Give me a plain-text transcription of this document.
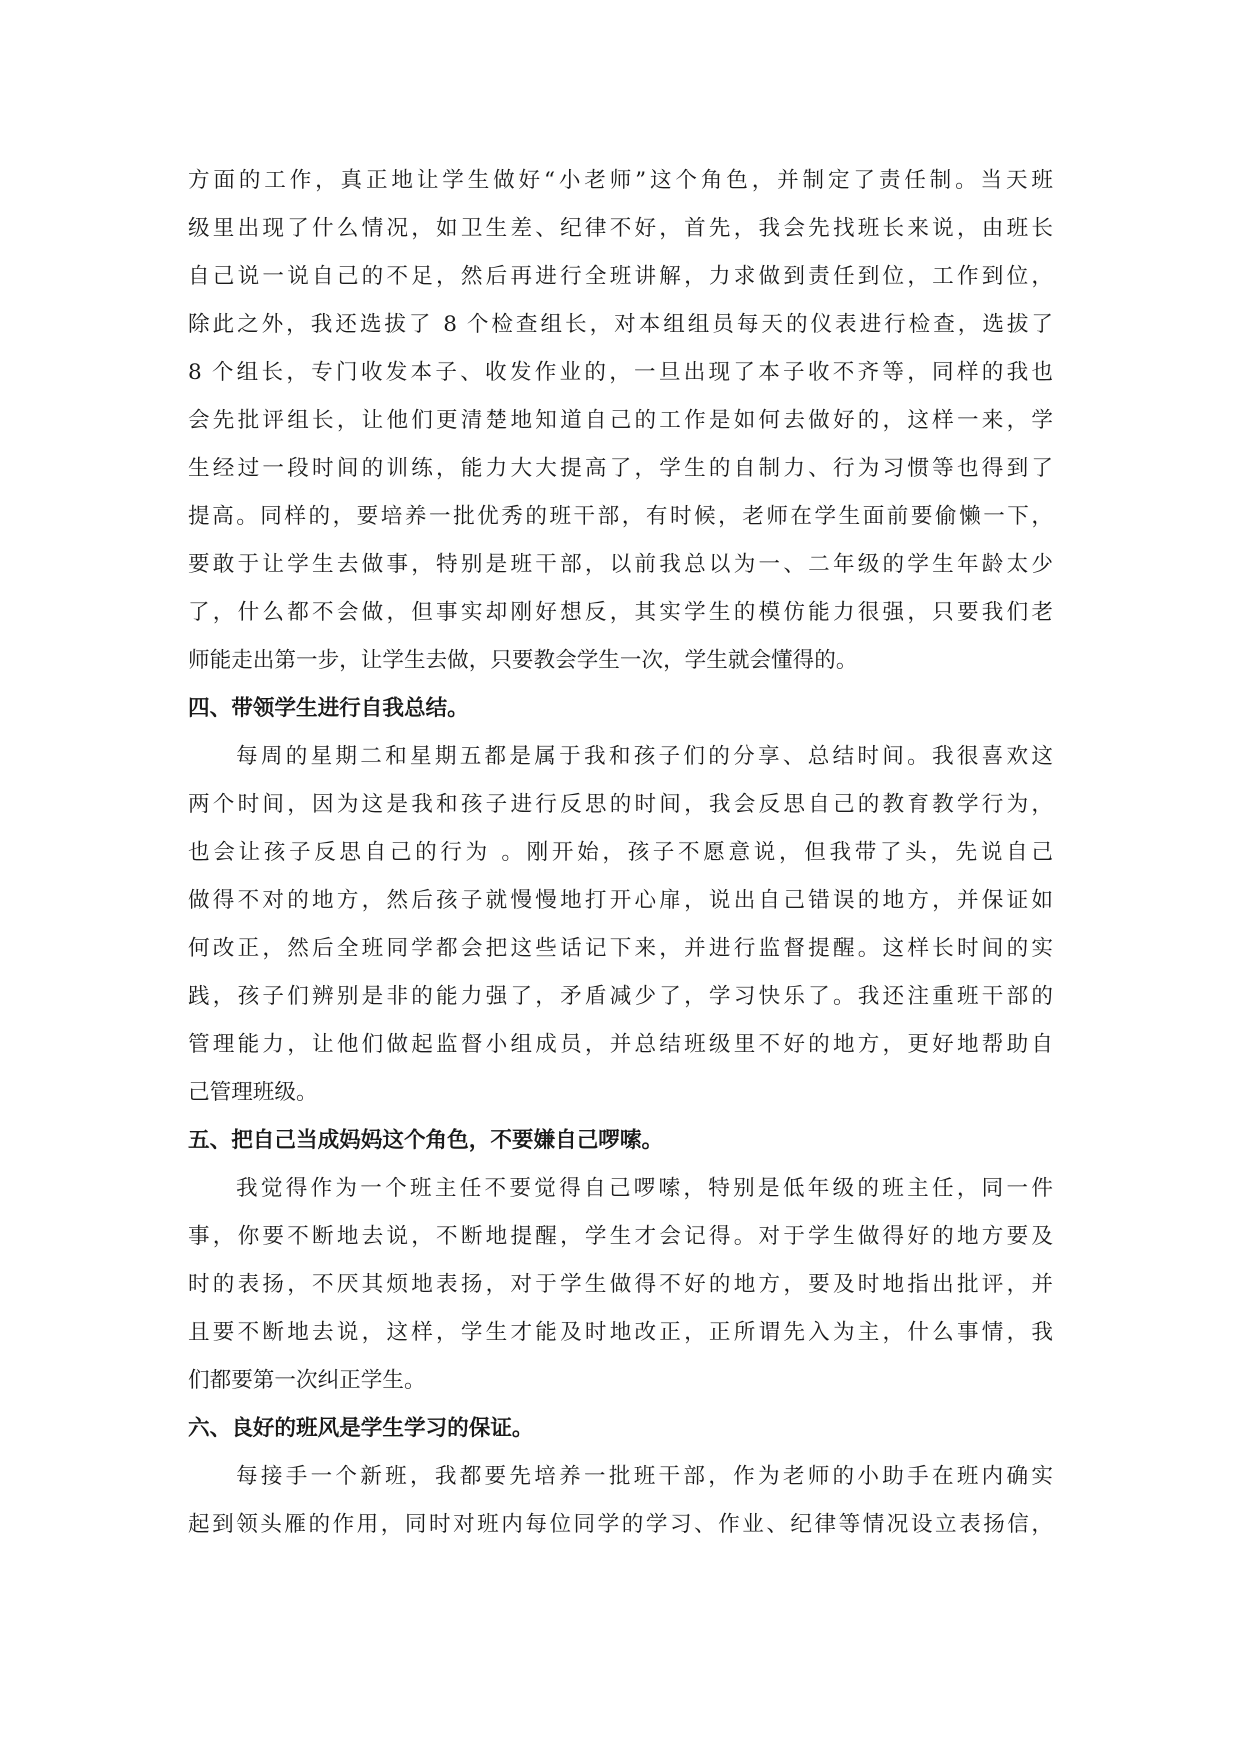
方面的工作，真正地让学生做好“小老师”这个角色，并制定了责任制。当天班
级里出现了什么情况，如卫生差、纪律不好，首先，我会先找班长来说，由班长
自己说一说自己的不足，然后再进行全班讲解，力求做到责任到位，工作到位，
除此之外，我还选拔了 8 个检查组长，对本组组员每天的仪表进行检查，选拔了
8 个组长，专门收发本子、收发作业的，一旦出现了本子收不齐等，同样的我也
会先批评组长，让他们更清楚地知道自己的工作是如何去做好的，这样一来，学
生经过一段时间的训练，能力大大提高了，学生的自制力、行为习惯等也得到了
提高。同样的，要培养一批优秀的班干部，有时候，老师在学生面前要偷懒一下，
要敢于让学生去做事，特别是班干部，以前我总以为一、二年级的学生年龄太少
了，什么都不会做，但事实却刚好想反，其实学生的模仿能力很强，只要我们老
师能走出第一步，让学生去做，只要教会学生一次，学生就会懂得的。
四、带领学生进行自我总结。
每周的星期二和星期五都是属于我和孩子们的分享、总结时间。我很喜欢这
两个时间，因为这是我和孩子进行反思的时间，我会反思自己的教育教学行为，
也会让孩子反思自己的行为 。刚开始，孩子不愿意说，但我带了头，先说自己
做得不对的地方，然后孩子就慢慢地打开心扉，说出自己错误的地方，并保证如
何改正，然后全班同学都会把这些话记下来，并进行监督提醒。这样长时间的实
践，孩子们辨别是非的能力强了，矛盾减少了，学习快乐了。我还注重班干部的
管理能力，让他们做起监督小组成员，并总结班级里不好的地方，更好地帮助自
己管理班级。
五、把自己当成妈妈这个角色，不要嫌自己啰嗦。
我觉得作为一个班主任不要觉得自己啰嗦，特别是低年级的班主任，同一件
事，你要不断地去说，不断地提醒，学生才会记得。对于学生做得好的地方要及
时的表扬，不厌其烦地表扬，对于学生做得不好的地方，要及时地指出批评，并
且要不断地去说，这样，学生才能及时地改正，正所谓先入为主，什么事情，我
们都要第一次纠正学生。
六、良好的班风是学生学习的保证。
每接手一个新班，我都要先培养一批班干部，作为老师的小助手在班内确实
起到领头雁的作用，同时对班内每位同学的学习、作业、纪律等情况设立表扬信，
